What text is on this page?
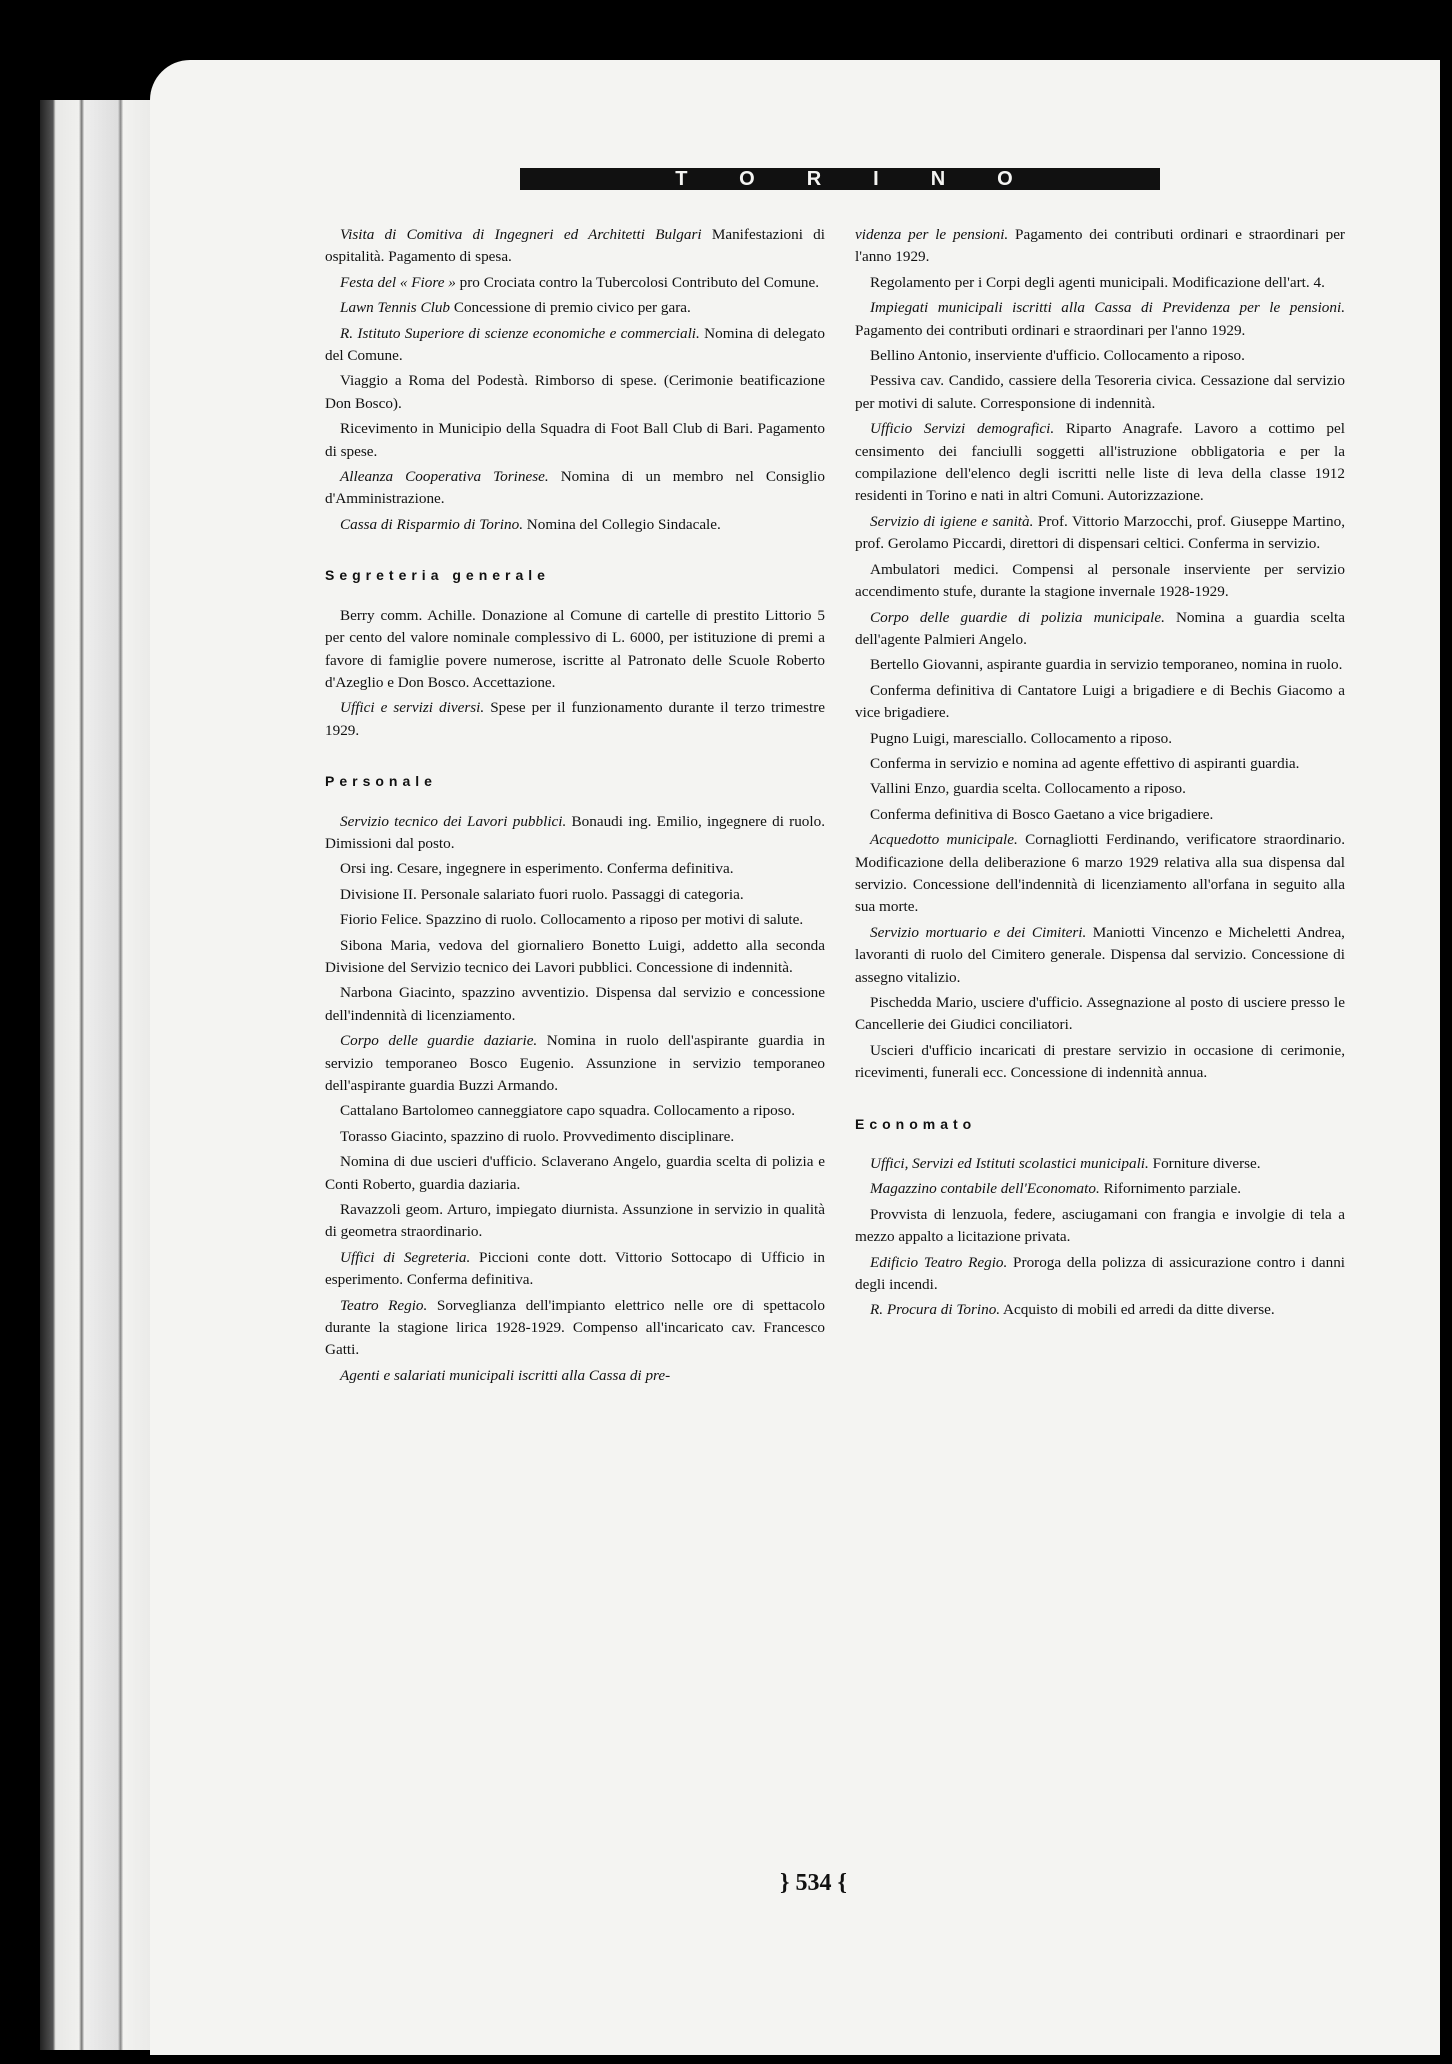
TORINO

Visita di Comitiva di Ingegneri ed Architetti Bulgari Manifestazioni di ospitalità. Pagamento di spesa.

Festa del « Fiore » pro Crociata contro la Tubercolosi Contributo del Comune.

Lawn Tennis Club Concessione di premio civico per gara.

R. Istituto Superiore di scienze economiche e commerciali. Nomina di delegato del Comune.

Viaggio a Roma del Podestà. Rimborso di spese. (Cerimonie beatificazione Don Bosco).

Ricevimento in Municipio della Squadra di Foot Ball Club di Bari. Pagamento di spese.

Alleanza Cooperativa Torinese. Nomina di un membro nel Consiglio d'Amministrazione.

Cassa di Risparmio di Torino. Nomina del Collegio Sindacale.

Segreteria generale

Berry comm. Achille. Donazione al Comune di cartelle di prestito Littorio 5 per cento del valore nominale complessivo di L. 6000, per istituzione di premi a favore di famiglie povere numerose, iscritte al Patronato delle Scuole Roberto d'Azeglio e Don Bosco. Accettazione.

Uffici e servizi diversi. Spese per il funzionamento durante il terzo trimestre 1929.

Personale

Servizio tecnico dei Lavori pubblici. Bonaudi ing. Emilio, ingegnere di ruolo. Dimissioni dal posto.

Orsi ing. Cesare, ingegnere in esperimento. Conferma definitiva.

Divisione II. Personale salariato fuori ruolo. Passaggi di categoria.

Fiorio Felice. Spazzino di ruolo. Collocamento a riposo per motivi di salute.

Sibona Maria, vedova del giornaliero Bonetto Luigi, addetto alla seconda Divisione del Servizio tecnico dei Lavori pubblici. Concessione di indennità.

Narbona Giacinto, spazzino avventizio. Dispensa dal servizio e concessione dell'indennità di licenziamento.

Corpo delle guardie daziarie. Nomina in ruolo dell'aspirante guardia in servizio temporaneo Bosco Eugenio. Assunzione in servizio temporaneo dell'aspirante guardia Buzzi Armando.

Cattalano Bartolomeo canneggiatore capo squadra. Collocamento a riposo.

Torasso Giacinto, spazzino di ruolo. Provvedimento disciplinare.

Nomina di due uscieri d'ufficio. Sclaverano Angelo, guardia scelta di polizia e Conti Roberto, guardia daziaria.

Ravazzoli geom. Arturo, impiegato diurnista. Assunzione in servizio in qualità di geometra straordinario.

Uffici di Segreteria. Piccioni conte dott. Vittorio Sottocapo di Ufficio in esperimento. Conferma definitiva.

Teatro Regio. Sorveglianza dell'impianto elettrico nelle ore di spettacolo durante la stagione lirica 1928-1929. Compenso all'incaricato cav. Francesco Gatti.

Agenti e salariati municipali iscritti alla Cassa di pre-

videnza per le pensioni. Pagamento dei contributi ordinari e straordinari per l'anno 1929.

Regolamento per i Corpi degli agenti municipali. Modificazione dell'art. 4.

Impiegati municipali iscritti alla Cassa di Previdenza per le pensioni. Pagamento dei contributi ordinari e straordinari per l'anno 1929.

Bellino Antonio, inserviente d'ufficio. Collocamento a riposo.

Pessiva cav. Candido, cassiere della Tesoreria civica. Cessazione dal servizio per motivi di salute. Corresponsione di indennità.

Ufficio Servizi demografici. Riparto Anagrafe. Lavoro a cottimo pel censimento dei fanciulli soggetti all'istruzione obbligatoria e per la compilazione dell'elenco degli iscritti nelle liste di leva della classe 1912 residenti in Torino e nati in altri Comuni. Autorizzazione.

Servizio di igiene e sanità. Prof. Vittorio Marzocchi, prof. Giuseppe Martino, prof. Gerolamo Piccardi, direttori di dispensari celtici. Conferma in servizio.

Ambulatori medici. Compensi al personale inserviente per servizio accendimento stufe, durante la stagione invernale 1928-1929.

Corpo delle guardie di polizia municipale. Nomina a guardia scelta dell'agente Palmieri Angelo.

Bertello Giovanni, aspirante guardia in servizio temporaneo, nomina in ruolo.

Conferma definitiva di Cantatore Luigi a brigadiere e di Bechis Giacomo a vice brigadiere.

Pugno Luigi, maresciallo. Collocamento a riposo.

Conferma in servizio e nomina ad agente effettivo di aspiranti guardia.

Vallini Enzo, guardia scelta. Collocamento a riposo.

Conferma definitiva di Bosco Gaetano a vice brigadiere.

Acquedotto municipale. Cornagliotti Ferdinando, verificatore straordinario. Modificazione della deliberazione 6 marzo 1929 relativa alla sua dispensa dal servizio. Concessione dell'indennità di licenziamento all'orfana in seguito alla sua morte.

Servizio mortuario e dei Cimiteri. Maniotti Vincenzo e Micheletti Andrea, lavoranti di ruolo del Cimitero generale. Dispensa dal servizio. Concessione di assegno vitalizio.

Pischedda Mario, usciere d'ufficio. Assegnazione al posto di usciere presso le Cancellerie dei Giudici conciliatori.

Uscieri d'ufficio incaricati di prestare servizio in occasione di cerimonie, ricevimenti, funerali ecc. Concessione di indennità annua.

Economato

Uffici, Servizi ed Istituti scolastici municipali. Forniture diverse.

Magazzino contabile dell'Economato. Rifornimento parziale.

Provvista di lenzuola, federe, asciugamani con frangia e involgie di tela a mezzo appalto a licitazione privata.

Edificio Teatro Regio. Proroga della polizza di assicurazione contro i danni degli incendi.

R. Procura di Torino. Acquisto di mobili ed arredi da ditte diverse.

} 534 {
